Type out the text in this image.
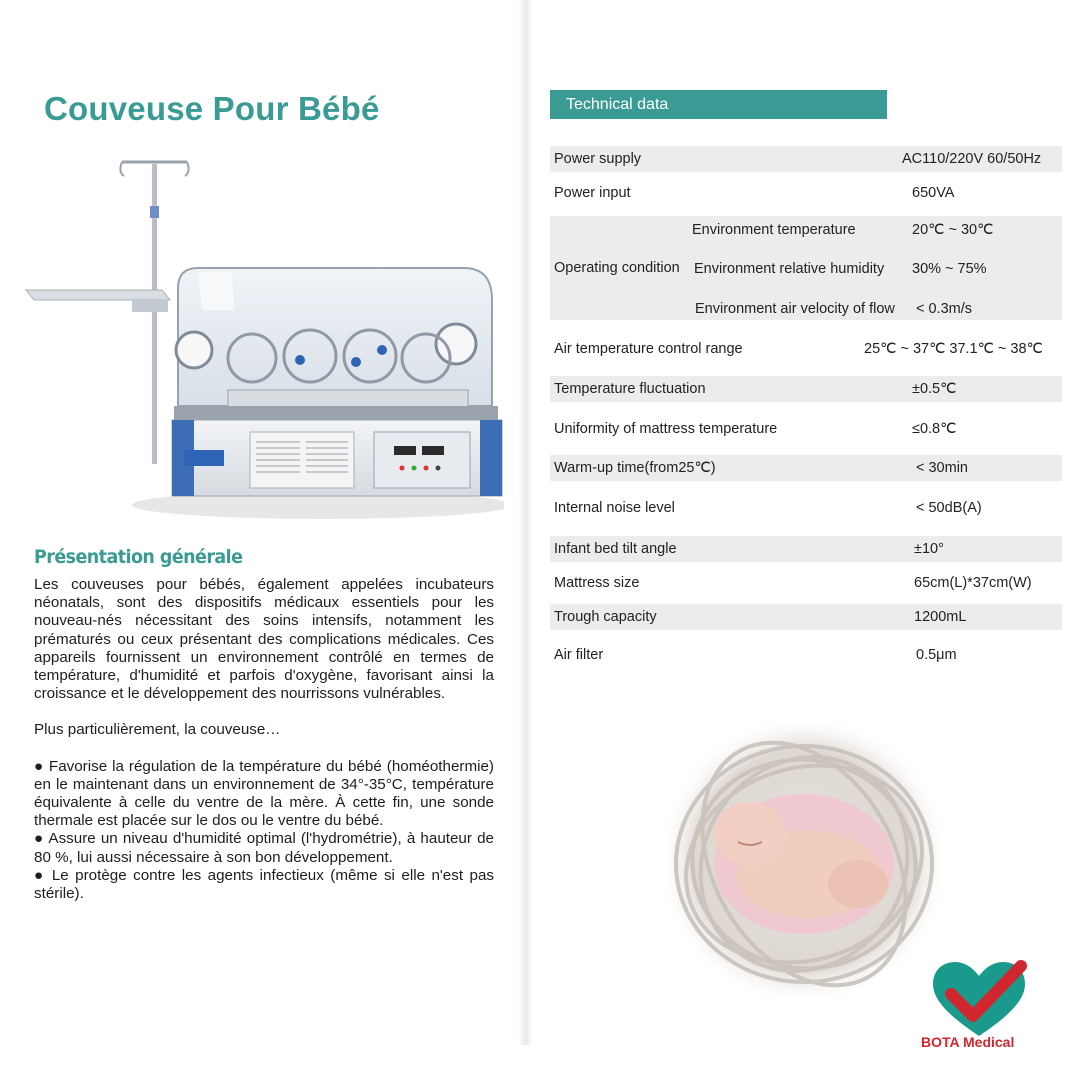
Couveuse Pour Bébé
Présentation générale

Les couveuses pour bébés, également appelées incubateurs néonatals, sont des dispositifs médicaux essentiels pour les nouveau-nés nécessitant des soins intensifs, notamment les prématurés ou ceux présentant des complications médicales. Ces appareils fournissent un environnement contrôlé en termes de température, d'humidité et parfois d'oxygène, favorisant ainsi la croissance et le développement des nourrissons vulnérables.

Plus particulièrement, la couveuse…

● Favorise la régulation de la température du bébé (homéothermie) en le maintenant dans un environnement de 34°-35°C, température équivalente à celle du ventre de la mère. À cette fin, une sonde thermale est placée sur le dos ou le ventre du bébé.
● Assure un niveau d'humidité optimal (l'hydrométrie), à hauteur de 80 %, lui aussi nécessaire à son bon développement.
● Le protège contre les agents infectieux (même si elle n'est pas stérile).
Technical data
Power supply	AC110/220V 60/50Hz
Power input	650VA
Operating condition
Environment temperature	20℃ ~ 30℃
Environment relative humidity 30% ~ 75%
Environment air velocity of flow < 0.3m/s
Air temperature control range	25℃ ~ 37℃ 37.1℃ ~ 38℃
Temperature fluctuation	±0.5℃
Uniformity of mattress temperature	≤0.8℃
Warm-up time(from25℃)	< 30min
Internal noise level	< 50dB(A)
Infant bed tilt angle	±10°
Mattress size	65cm(L)*37cm(W)
Trough capacity	1200mL
Air filter	0.5μm
BOTA Medical
